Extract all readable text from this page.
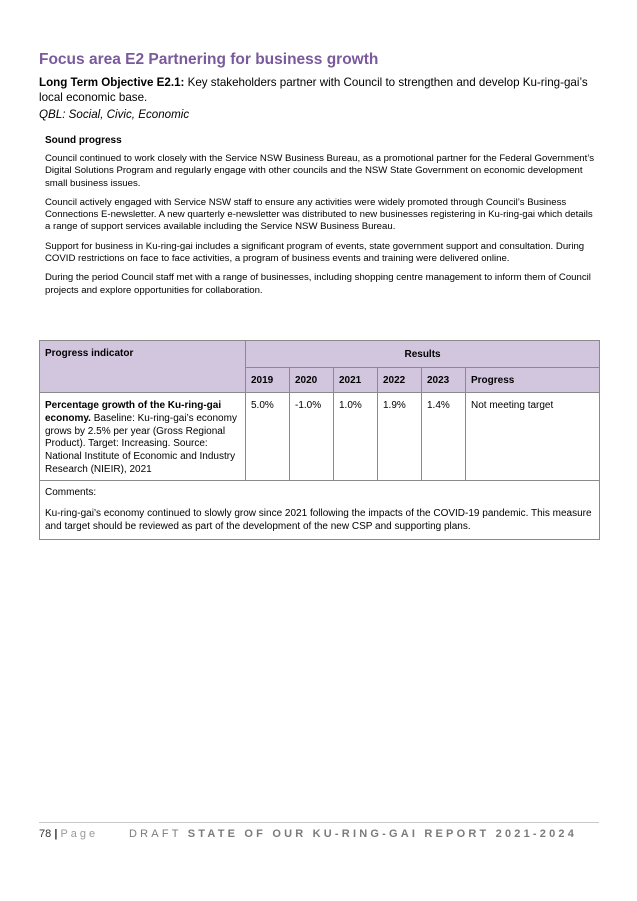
Focus area E2 Partnering for business growth

Long Term Objective E2.1: Key stakeholders partner with Council to strengthen and develop Ku-ring-gai’s local economic base.

QBL: Social, Civic, Economic

Sound progress

Council continued to work closely with the Service NSW Business Bureau, as a promotional partner for the Federal Government’s Digital Solutions Program and regularly engage with other councils and the NSW State Government on economic development small business issues.

Council actively engaged with Service NSW staff to ensure any activities were widely promoted through Council’s Business Connections E-newsletter. A new quarterly e-newsletter was distributed to new businesses registering in Ku-ring-gai which details a range of support services available including the Service NSW Business Bureau.

Support for business in Ku-ring-gai includes a significant program of events, state government support and consultation. During COVID restrictions on face to face activities, a program of business events and training were delivered online.

During the period Council staff met with a range of businesses, including shopping centre management to inform them of Council projects and explore opportunities for collaboration.

Progress indicator	Results					
	2019	2020	2021	2022	2023	Progress
Percentage growth of the Ku-ring-gai economy. Baseline: Ku-ring-gai’s economy grows by 2.5% per year (Gross Regional Product). Target: Increasing. Source: National Institute of Economic and Industry Research (NIEIR), 2021	5.0%	-1.0%	1.0%	1.9%	1.4%	Not meeting target

Comments:

Ku-ring-gai’s economy continued to slowly grow since 2021 following the impacts of the COVID-19 pandemic. This measure and target should be reviewed as part of the development of the new CSP and supporting plans.						

78 | Page	DRAFT STATE OF OUR KU-RING-GAI REPORT 2021-2024
